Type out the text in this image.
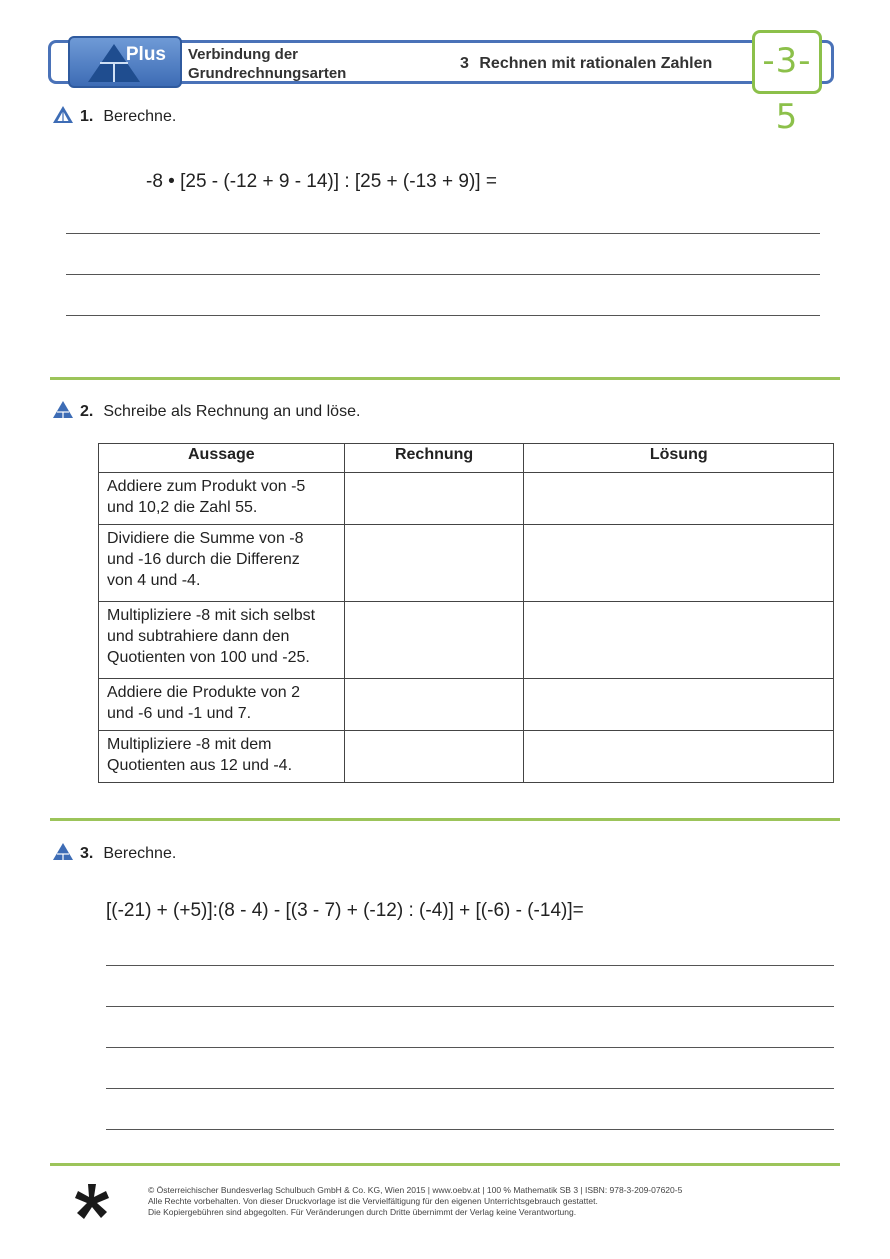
Plus Verbindung der
Grundrechnungsarten
3 Rechnen mit rationalen Zahlen	-3-5
1. Berechne.
-8 • [25 - (-12 + 9 - 14)] : [25 + (-13 + 9)] =
2. Schreibe als Rechnung an und löse.
Aussage	Rechnung	Lösung

Addiere zum Produkt von -5
und 10,2 die Zahl 55.		

Dividiere die Summe von -8
und -16 durch die Differenz
von 4 und -4.		

Multipliziere -8 mit sich selbst
und subtrahiere dann den
Quotienten von 100 und -25.		

Addiere die Produkte von 2
und -6 und -1 und 7.		

Multipliziere -8 mit dem
Quotienten aus 12 und -4.		

3. Berechne.
[(-21) + (+5)]:(8 - 4) - [(3 - 7) + (-12) : (-4)] + [(-6) - (-14)]=
© Österreichischer Bundesverlag Schulbuch GmbH & Co. KG, Wien 2015 | www.oebv.at | 100 % Mathematik SB 3 | ISBN: 978-3-209-07620-5
Alle Rechte vorbehalten. Von dieser Druckvorlage ist die Vervielfältigung für den eigenen Unterrichtsgebrauch gestattet.
Die Kopiergebühren sind abgegolten. Für Veränderungen durch Dritte übernimmt der Verlag keine Verantwortung.
